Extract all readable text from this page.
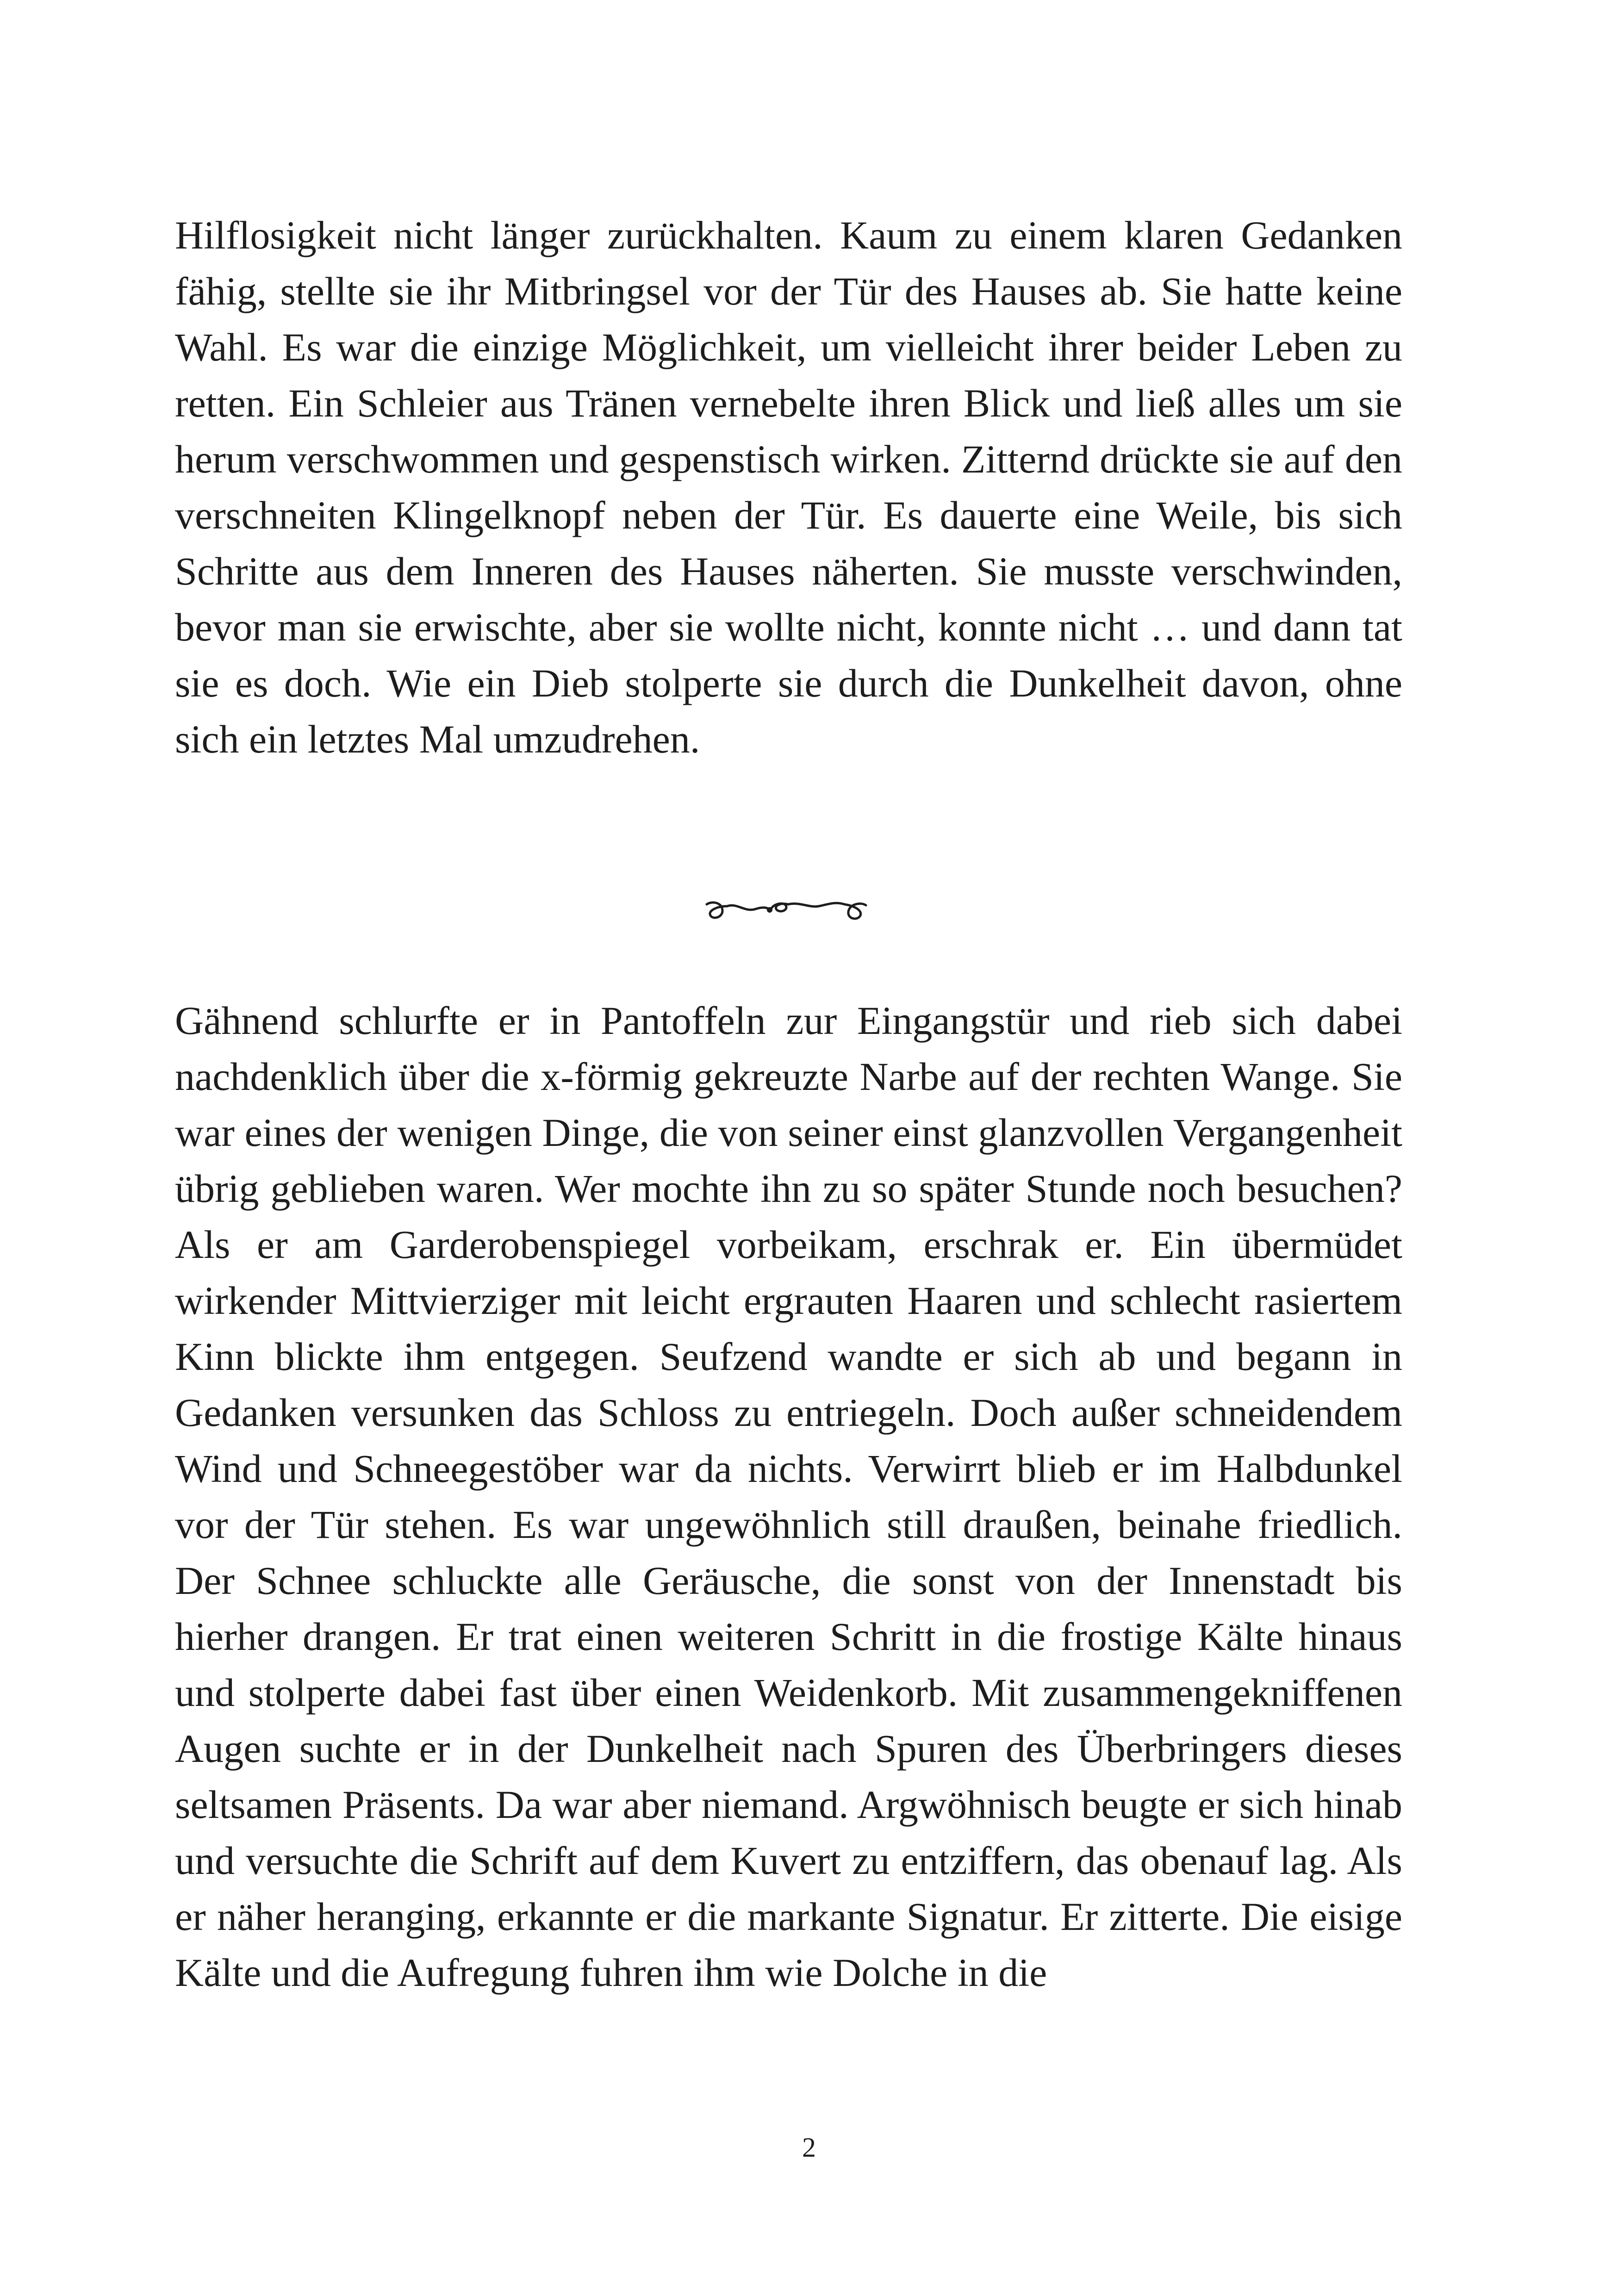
Hilflosigkeit nicht länger zurückhalten. Kaum zu einem klaren Gedanken fähig, stellte sie ihr Mitbringsel vor der Tür des Hauses ab. Sie hatte keine Wahl. Es war die einzige Möglichkeit, um vielleicht ihrer beider Leben zu retten. Ein Schleier aus Tränen vernebelte ihren Blick und ließ alles um sie herum verschwommen und gespenstisch wirken. Zitternd drückte sie auf den verschneiten Klingelknopf neben der Tür. Es dauerte eine Weile, bis sich Schritte aus dem Inneren des Hauses näherten. Sie musste verschwinden, bevor man sie erwischte, aber sie wollte nicht, konnte nicht … und dann tat sie es doch. Wie ein Dieb stolperte sie durch die Dunkelheit davon, ohne sich ein letztes Mal umzudrehen.

Gähnend schlurfte er in Pantoffeln zur Eingangstür und rieb sich dabei nachdenklich über die x-förmig gekreuzte Narbe auf der rechten Wange. Sie war eines der wenigen Dinge, die von seiner einst glanzvollen Vergangenheit übrig geblieben waren. Wer mochte ihn zu so später Stunde noch besuchen? Als er am Garderobenspiegel vorbeikam, erschrak er. Ein übermüdet wirkender Mittvierziger mit leicht ergrauten Haaren und schlecht rasiertem Kinn blickte ihm entgegen. Seufzend wandte er sich ab und begann in Gedanken versunken das Schloss zu entriegeln. Doch außer schneidendem Wind und Schneegestöber war da nichts. Verwirrt blieb er im Halbdunkel vor der Tür stehen. Es war ungewöhnlich still draußen, beinahe friedlich. Der Schnee schluckte alle Geräusche, die sonst von der Innenstadt bis hierher drangen. Er trat einen weiteren Schritt in die frostige Kälte hinaus und stolperte dabei fast über einen Weidenkorb. Mit zusammengekniffenen Augen suchte er in der Dunkelheit nach Spuren des Überbringers dieses seltsamen Präsents. Da war aber niemand. Argwöhnisch beugte er sich hinab und versuchte die Schrift auf dem Kuvert zu entziffern, das obenauf lag. Als er näher heranging, erkannte er die markante Signatur. Er zitterte. Die eisige Kälte und die Aufregung fuhren ihm wie Dolche in die

2
